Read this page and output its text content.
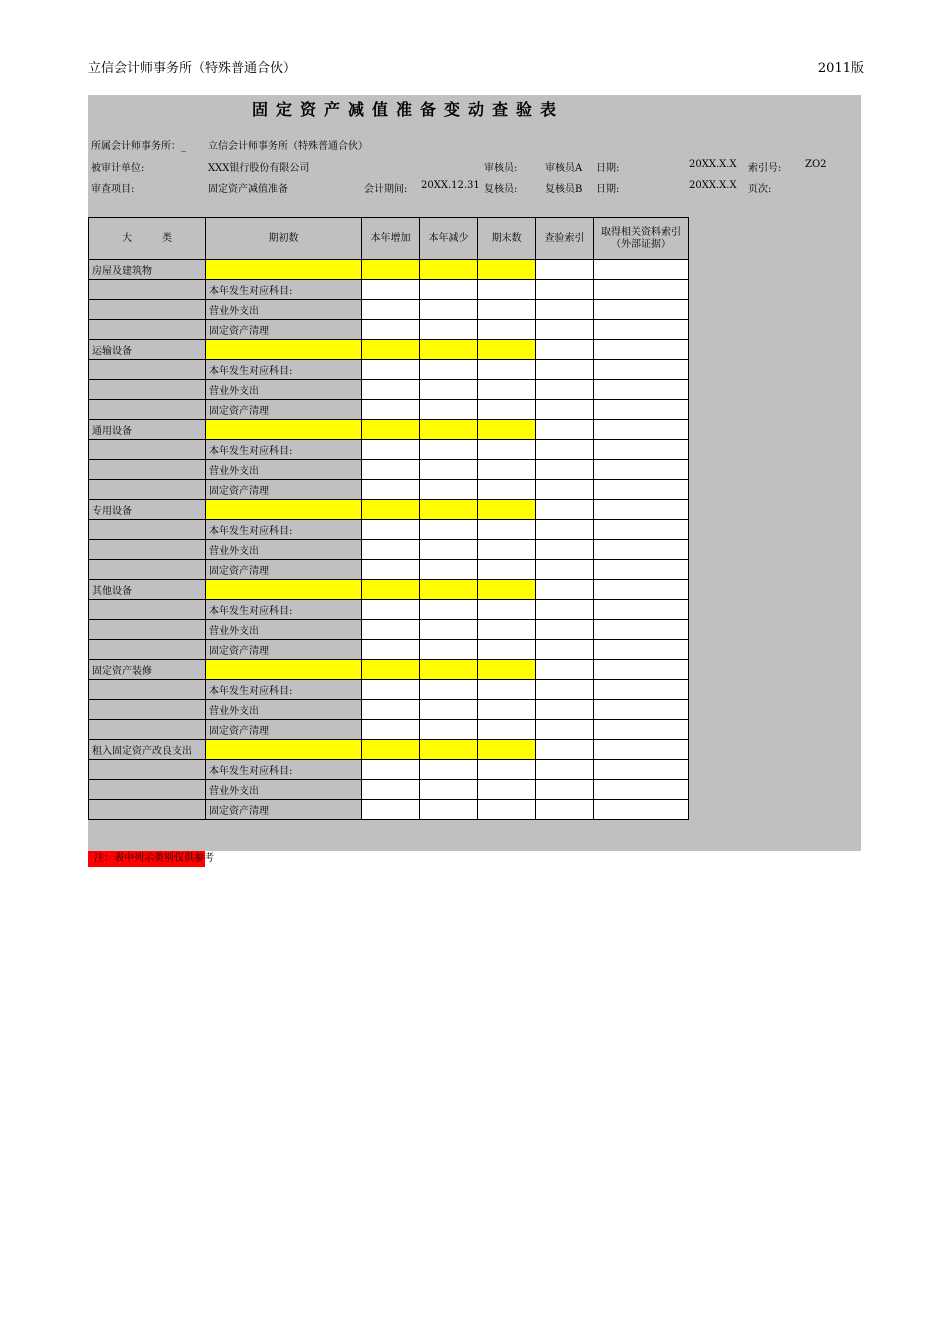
立信会计师事务所（特殊普通合伙）	2011版
固定资产减值准备变动查验表
所属会计师事务所：_ 立信会计师事务所（特殊普通合伙）
被审计单位:	XXX银行股份有限公司	审核员:	审核员A 日期:	20XX.X.X 索引号: ZO2
审查项目:	固定资产减值准备	会计期间: 20XX.12.31 复核员:	复核员B 日期:	20XX.X.X 页次:
大　　　类	期初数	本年增加	本年减少	期末数	查验索引	取得相关资料索引
（外部证据）
房屋及建筑物						
	本年发生对应科目:					
	营业外支出					
	固定资产清理					
运输设备						
	本年发生对应科目:					
	营业外支出					
	固定资产清理					
通用设备						
	本年发生对应科目:					
	营业外支出					
	固定资产清理					
专用设备						
	本年发生对应科目:					
	营业外支出					
	固定资产清理					
其他设备						
	本年发生对应科目:					
	营业外支出					
	固定资产清理					
固定资产装修						
	本年发生对应科目:					
	营业外支出					
	固定资产清理					
租入固定资产改良支出						
	本年发生对应科目:					
	营业外支出					
	固定资产清理					
注：表中列示类别仅供参考
